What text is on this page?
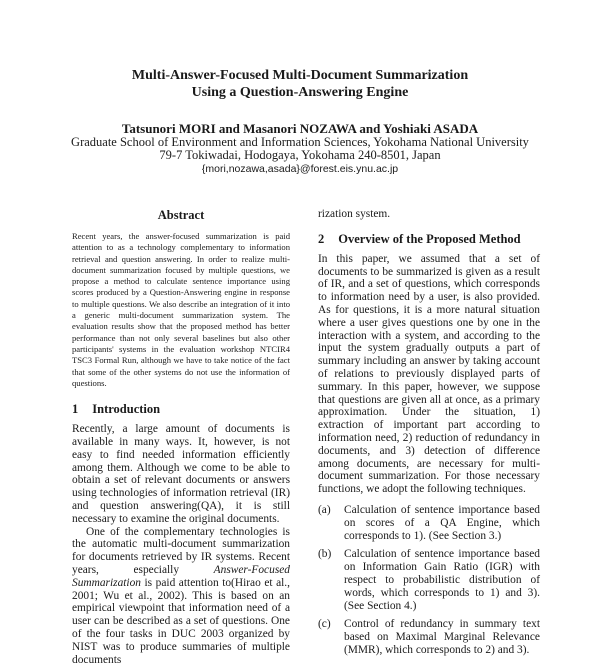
Multi-Answer-Focused Multi-Document Summarization
Using a Question-Answering Engine
Tatsunori MORI and Masanori NOZAWA and Yoshiaki ASADA
Graduate School of Environment and Information Sciences, Yokohama National University
79-7 Tokiwadai, Hodogaya, Yokohama 240-8501, Japan
{mori,nozawa,asada}@forest.eis.ynu.ac.jp
Abstract

Recent years, the answer-focused summarization is paid attention to as a technology complementary to information retrieval and question answering. In order to realize multi-document summarization focused by multiple questions, we propose a method to calculate sentence importance using scores produced by a Question-Answering engine in response to multiple questions. We also describe an integration of it into a generic multi-document summarization system. The evaluation results show that the proposed method has better performance than not only several baselines but also other participants' systems in the evaluation workshop NTCIR4 TSC3 Formal Run, although we have to take notice of the fact that some of the other systems do not use the information of questions.

1 Introduction

Recently, a large amount of documents is available in many ways. It, however, is not easy to find needed information efficiently among them. Although we come to be able to obtain a set of relevant documents or answers using technologies of information retrieval (IR) and question answering(QA), it is still necessary to examine the original documents.

One of the complementary technologies is the automatic multi-document summarization for documents retrieved by IR systems. Recent years, especially Answer-Focused Summarization is paid attention to(Hirao et al., 2001; Wu et al., 2002). This is based on an empirical viewpoint that information need of a user can be described as a set of questions. One of the four tasks in DUC 2003 organized by NIST was to produce summaries of multiple documents

rization system.

2 Overview of the Proposed Method

In this paper, we assumed that a set of documents to be summarized is given as a result of IR, and a set of questions, which corresponds to information need by a user, is also provided. As for questions, it is a more natural situation where a user gives questions one by one in the interaction with a system, and according to the input the system gradually outputs a part of summary including an answer by taking account of relations to previously displayed parts of summary. In this paper, however, we suppose that questions are given all at once, as a primary approximation. Under the situation, 1) extraction of important part according to information need, 2) reduction of redundancy in documents, and 3) detection of difference among documents, are necessary for multi-document summarization. For those necessary functions, we adopt the following techniques.

(a)	Calculation of sentence importance based on scores of a QA Engine, which corresponds to 1). (See Section 3.)
(b)	Calculation of sentence importance based on Information Gain Ratio (IGR) with respect to probabilistic distribution of words, which corresponds to 1) and 3). (See Section 4.)
(c)	Control of redundancy in summary text based on Maximal Marginal Relevance (MMR), which corresponds to 2) and 3).
